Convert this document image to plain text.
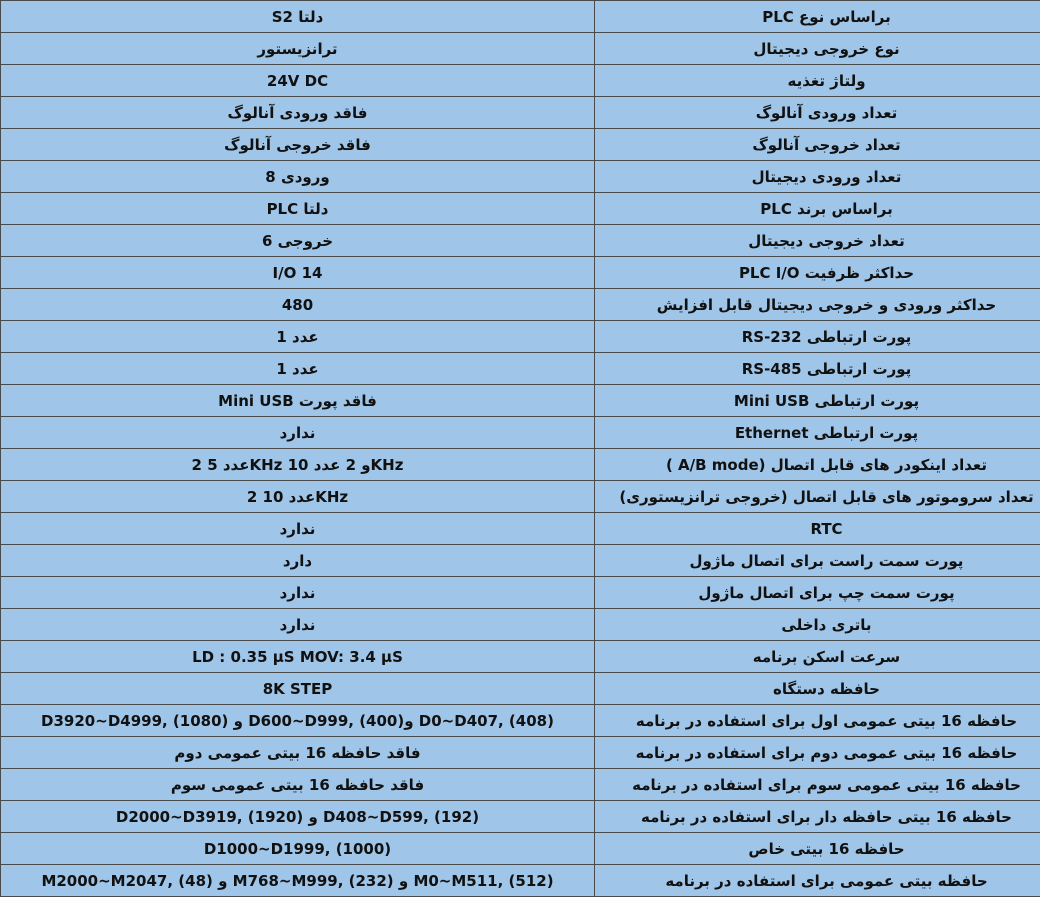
براساس نوع PLC	دلتا S2
نوع خروجی دیجیتال	ترانزیستور
ولتاژ تغذیه	24V DC
تعداد ورودی آنالوگ	فاقد ورودی آنالوگ
تعداد خروجی آنالوگ	فاقد خروجی آنالوگ
تعداد ورودی دیجیتال	ورودی 8
براساس برند PLC	دلتا PLC
تعداد خروجی دیجیتال	خروجی 6
حداکثر ظرفیت PLC I/O	I/O 14
حداکثر ورودی و خروجی دیجیتال قابل افزایش	480
پورت ارتباطی RS-232	عدد 1
پورت ارتباطی RS-485	عدد 1
پورت ارتباطی Mini USB	فاقد پورت Mini USB
پورت ارتباطی Ethernet	ندارد
تعداد اینکودر های قابل اتصال (A/B mode )	KHzو 2 عدد 10 KHzعدد 5 2
تعداد سروموتور های قابل اتصال (خروجی ترانزیستوری)	KHzعدد 10 2
RTC	ندارد
پورت سمت راست برای اتصال ماژول	دارد
پورت سمت چپ برای اتصال ماژول	ندارد
باتری داخلی	ندارد
سرعت اسکن برنامه	LD : 0.35 µS MOV: 3.4 µS
حافظه دستگاه	8K STEP
حافظه 16 بیتی عمومی اول برای استفاده در برنامه	D0~D407, (408) وD600~D999, (400) و D3920~D4999, (1080)
حافظه 16 بیتی عمومی دوم برای استفاده در برنامه	فاقد حافظه 16 بیتی عمومی دوم
حافظه 16 بیتی عمومی سوم برای استفاده در برنامه	فاقد حافظه 16 بیتی عمومی سوم
حافظه 16 بیتی حافظه دار برای استفاده در برنامه	D408~D599, (192) و D2000~D3919, (1920)
حافظه 16 بیتی خاص	D1000~D1999, (1000)
حافظه بیتی عمومی برای استفاده در برنامه	M0~M511, (512) و M768~M999, (232) و M2000~M2047, (48)
